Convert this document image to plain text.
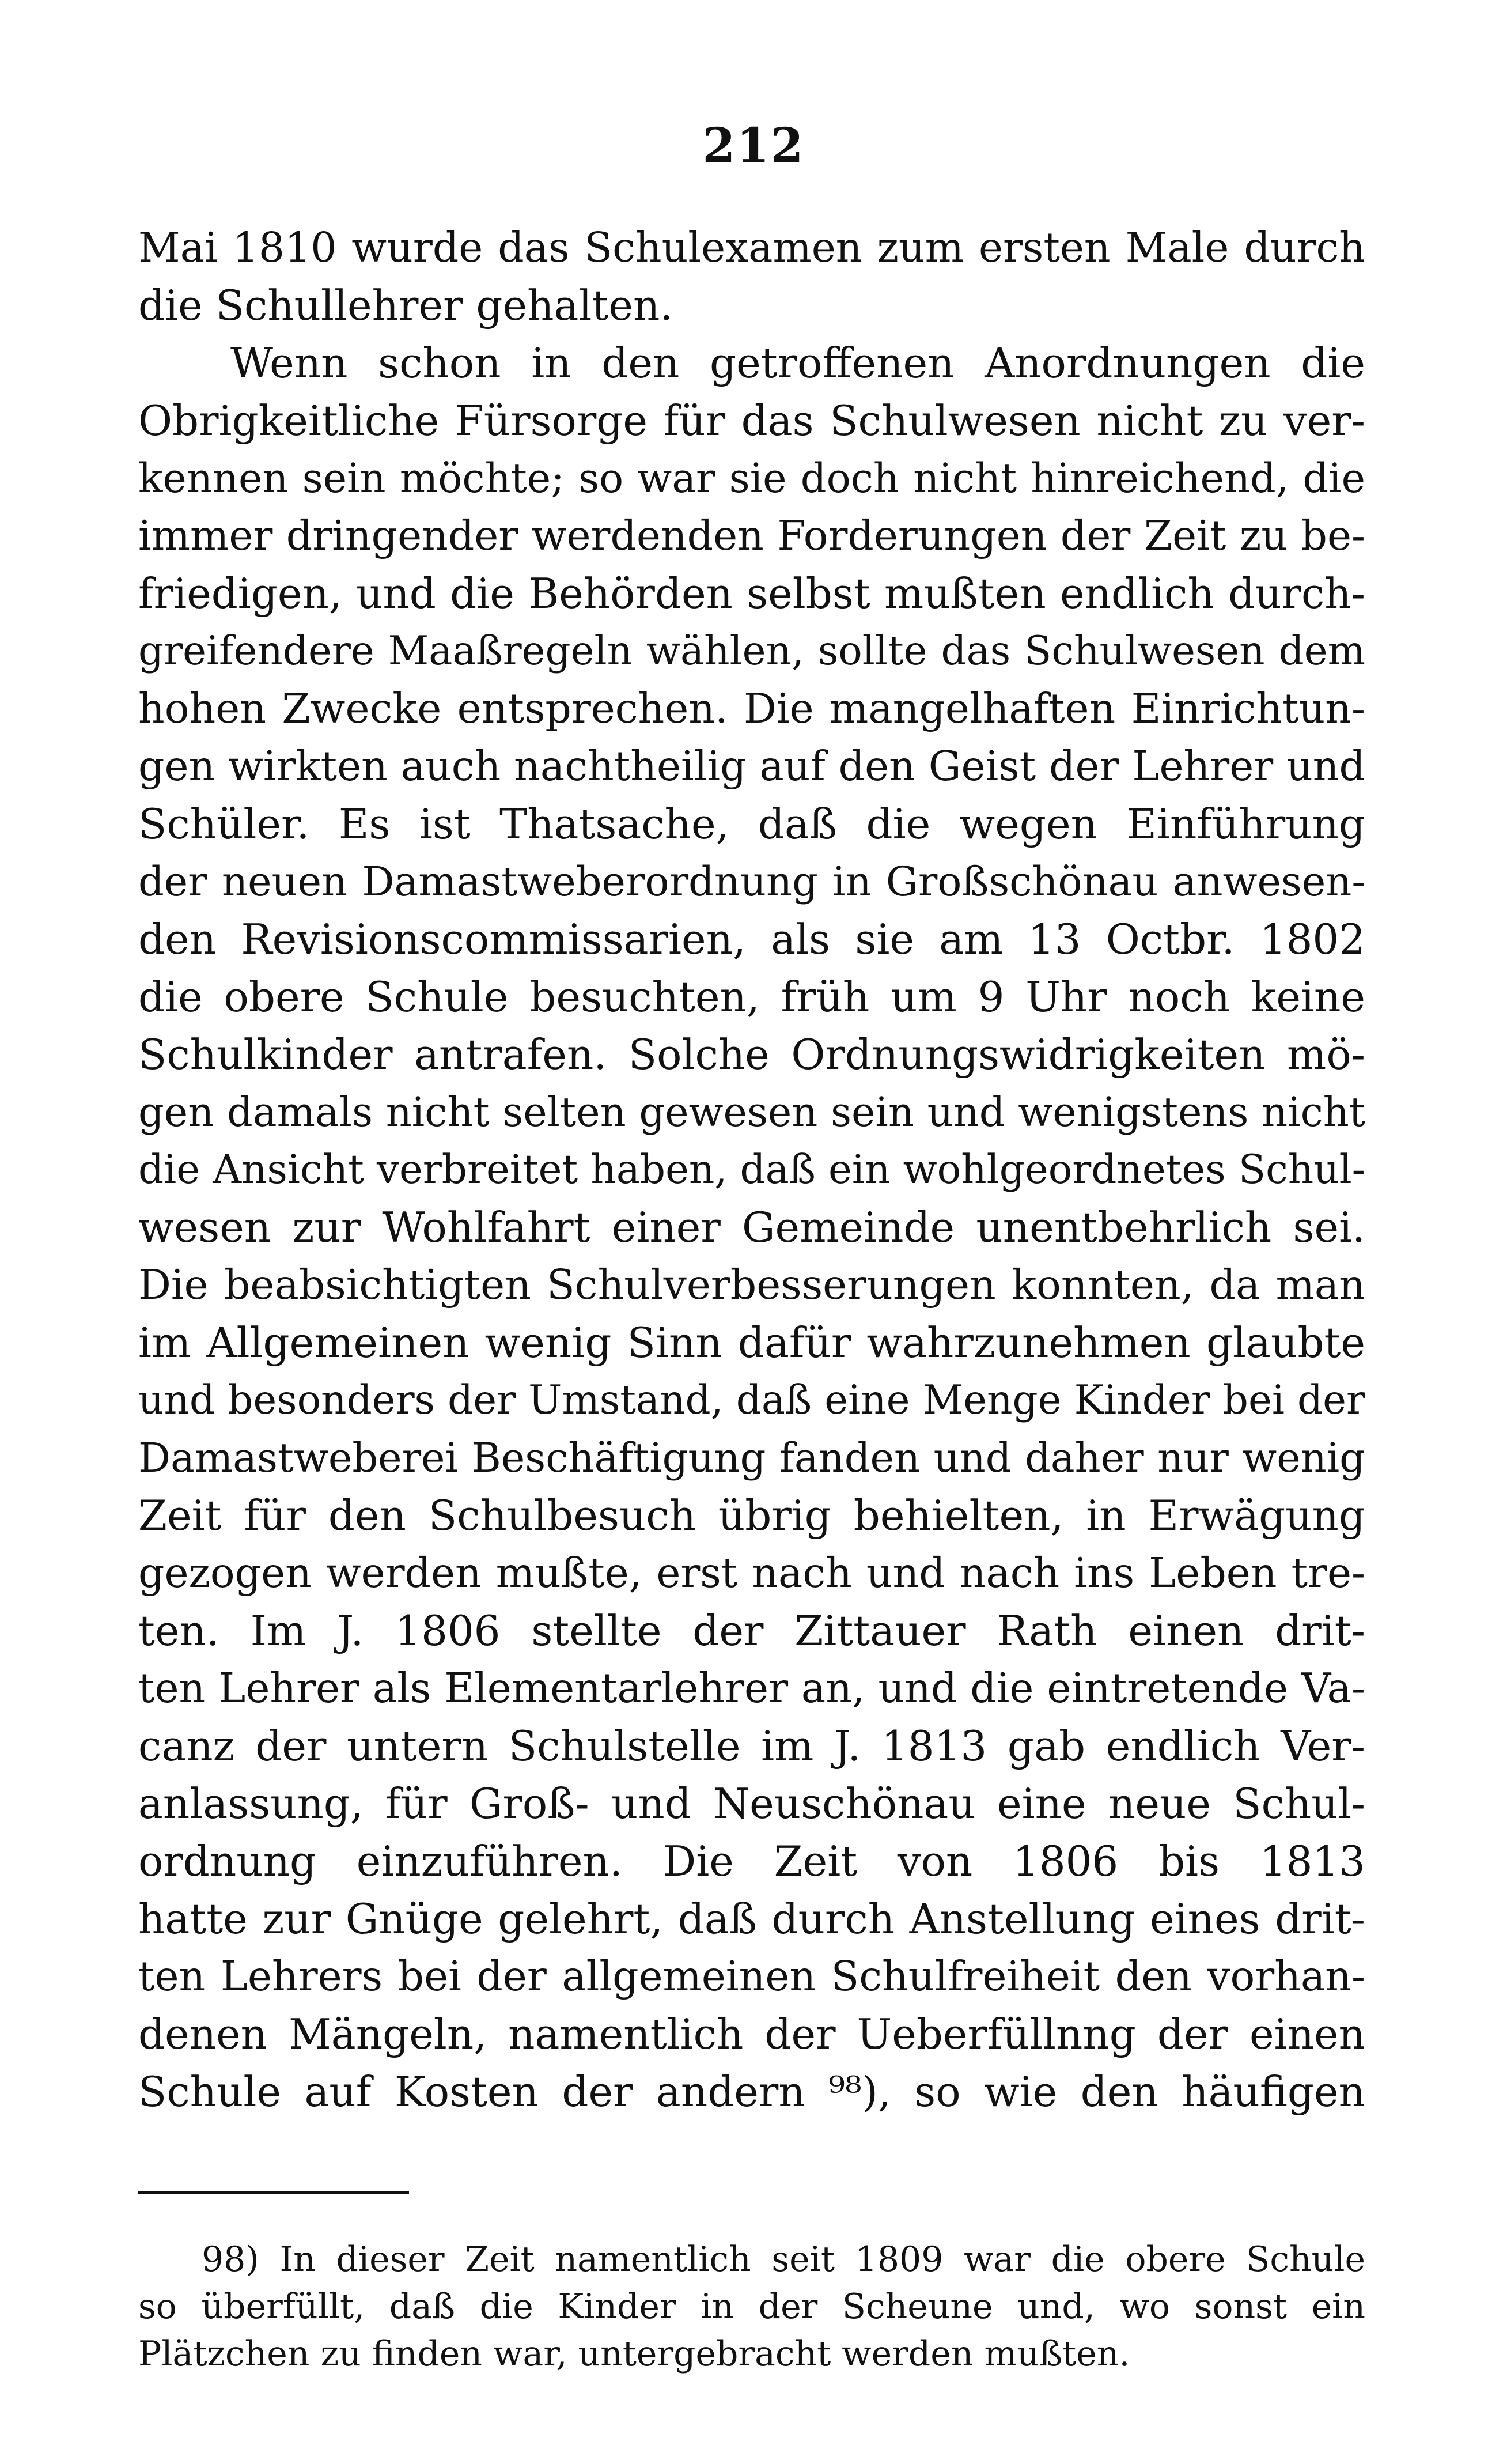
212
Mai 1810 wurde das Schulexamen zum ersten Male durch
die Schullehrer gehalten.
Wenn schon in den getroffenen Anordnungen die
Obrigkeitliche Fürsorge für das Schulwesen nicht zu ver-
kennen sein möchte; so war sie doch nicht hinreichend, die
immer dringender werdenden Forderungen der Zeit zu be-
friedigen, und die Behörden selbst mußten endlich durch-
greifendere Maaßregeln wählen, sollte das Schulwesen dem
hohen Zwecke entsprechen. Die mangelhaften Einrichtun-
gen wirkten auch nachtheilig auf den Geist der Lehrer und
Schüler. Es ist Thatsache, daß die wegen Einführung
der neuen Damastweberordnung in Großschönau anwesen-
den Revisionscommissarien, als sie am 13 Octbr. 1802
die obere Schule besuchten, früh um 9 Uhr noch keine
Schulkinder antrafen. Solche Ordnungswidrigkeiten mö-
gen damals nicht selten gewesen sein und wenigstens nicht
die Ansicht verbreitet haben, daß ein wohlgeordnetes Schul-
wesen zur Wohlfahrt einer Gemeinde unentbehrlich sei.
Die beabsichtigten Schulverbesserungen konnten, da man
im Allgemeinen wenig Sinn dafür wahrzunehmen glaubte
und besonders der Umstand, daß eine Menge Kinder bei der
Damastweberei Beschäftigung fanden und daher nur wenig
Zeit für den Schulbesuch übrig behielten, in Erwägung
gezogen werden mußte, erst nach und nach ins Leben tre-
ten. Im J. 1806 stellte der Zittauer Rath einen drit-
ten Lehrer als Elementarlehrer an, und die eintretende Va-
canz der untern Schulstelle im J. 1813 gab endlich Ver-
anlassung, für Groß- und Neuschönau eine neue Schul-
ordnung einzuführen. Die Zeit von 1806 bis 1813
hatte zur Gnüge gelehrt, daß durch Anstellung eines drit-
ten Lehrers bei der allgemeinen Schulfreiheit den vorhan-
denen Mängeln, namentlich der Ueberfüllnng der einen
Schule auf Kosten der andern ⁹⁸), so wie den häufigen
98) In dieser Zeit namentlich seit 1809 war die obere Schule
so überfüllt, daß die Kinder in der Scheune und, wo sonst ein
Plätzchen zu finden war, untergebracht werden mußten.
